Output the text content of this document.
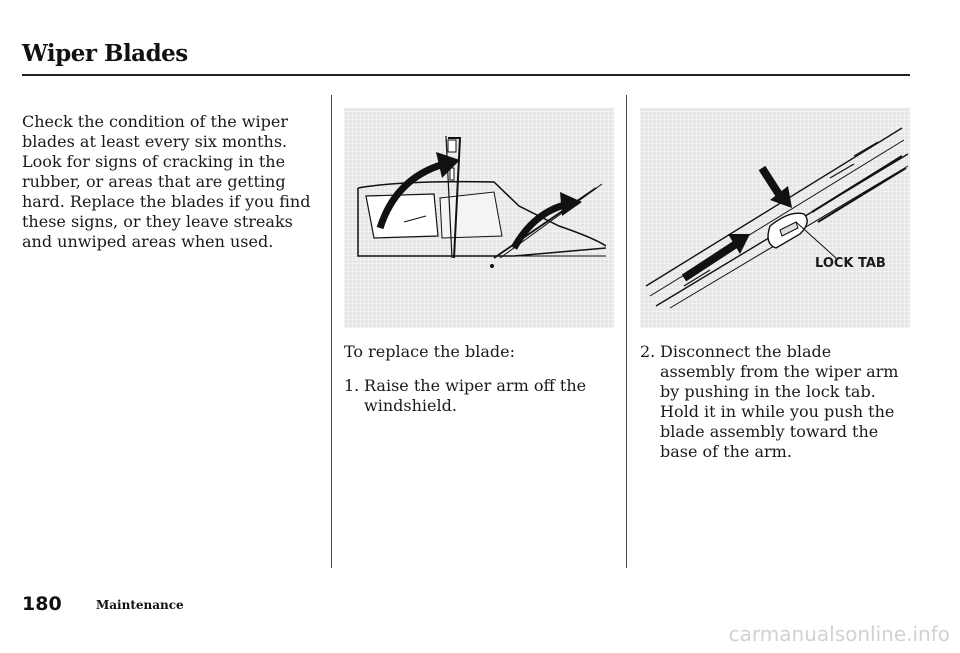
Wiper Blades

Check the condition of the wiper blades at least every six months. Look for signs of cracking in the rubber, or areas that are getting hard. Replace the blades if you find these signs, or they leave streaks and unwiped areas when used.

LOCK TAB

To replace the blade:

1. Raise the wiper arm off the windshield.
2. Disconnect the blade assembly from the wiper arm by pushing in the lock tab. Hold it in while you push the blade assembly toward the base of the arm.

180	Maintenance

carmanualsonline.info
